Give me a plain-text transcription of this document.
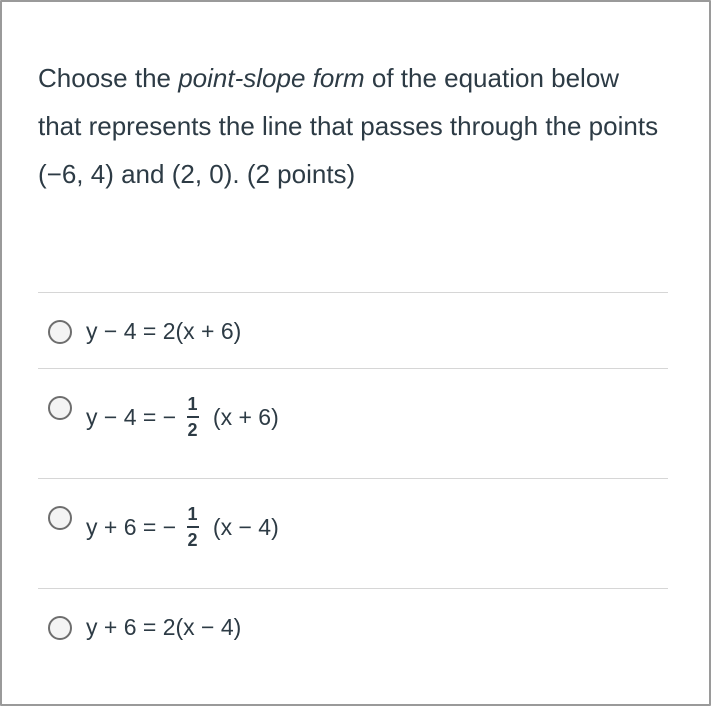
Choose the point-slope form of the equation below that represents the line that passes through the points (−6, 4) and (2, 0). (2 points)
y − 4 = 2(x + 6)
y − 4 = − $\frac{1}{2} (x + 6)$
y + 6 = − $\frac{1}{2} (x - 4)$
y + 6 = 2(x − 4)
